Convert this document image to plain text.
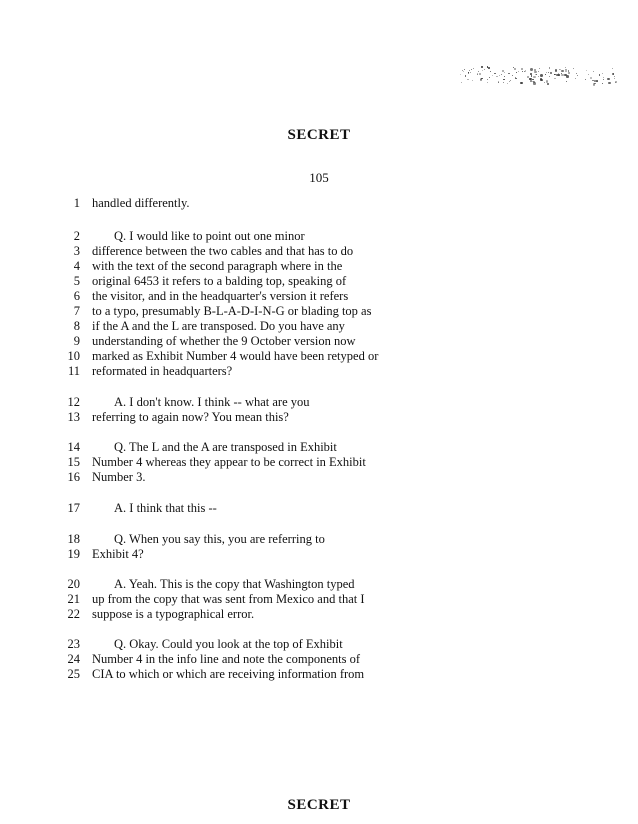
SECRET
105
1 handled differently.
2	Q. I would like to point out one minor
3 difference between the two cables and that has to do
4 with the text of the second paragraph where in the
5 original 6453 it refers to a balding top, speaking of
6 the visitor, and in the headquarter's version it refers
7 to a typo, presumably B-L-A-D-I-N-G or blading top as
8 if the A and the L are transposed. Do you have any
9 understanding of whether the 9 October version now
10 marked as Exhibit Number 4 would have been retyped or
11 reformated in headquarters?
12	A. I don't know. I think -- what are you
13 referring to again now? You mean this?
14	Q. The L and the A are transposed in Exhibit
15 Number 4 whereas they appear to be correct in Exhibit
16 Number 3.
17	A. I think that this --
18	Q. When you say this, you are referring to
19 Exhibit 4?
20	A. Yeah. This is the copy that Washington typed
21 up from the copy that was sent from Mexico and that I
22 suppose is a typographical error.
23	Q. Okay. Could you look at the top of Exhibit
24 Number 4 in the info line and note the components of
25 CIA to which or which are receiving information from
SECRET
